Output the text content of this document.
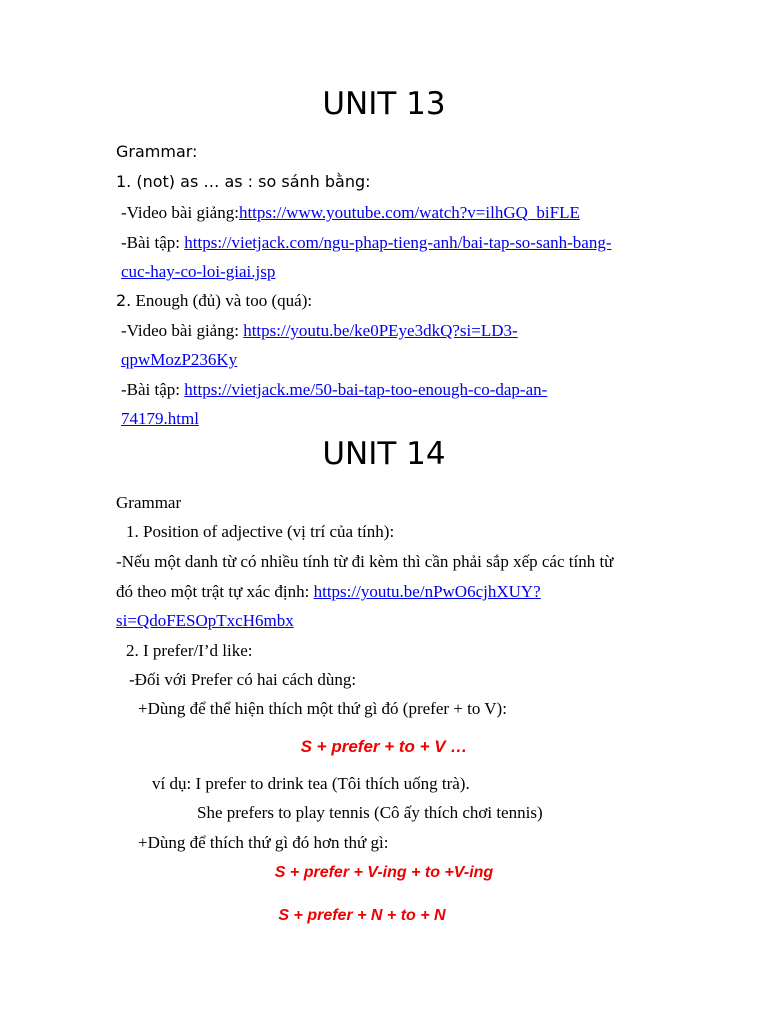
UNIT 13
Grammar:
1. (not) as … as : so sánh bằng:
-Video bài giảng:https://www.youtube.com/watch?v=ilhGQ_biFLE
-Bài tập: https://vietjack.com/ngu-phap-tieng-anh/bai-tap-so-sanh-bang-
cuc-hay-co-loi-giai.jsp
2. Enough (đủ) và too (quá):
-Video bài giảng: https://youtu.be/ke0PEye3dkQ?si=LD3-
qpwMozP236Ky
-Bài tập: https://vietjack.me/50-bai-tap-too-enough-co-dap-an-
74179.html
UNIT 14
Grammar
1. Position of adjective (vị trí của tính):
-Nếu một danh từ có nhiều tính từ đi kèm thì cần phải sắp xếp các tính từ
đó theo một trật tự xác định: https://youtu.be/nPwO6cjhXUY?
si=QdoFESOpTxcH6mbx
2. I prefer/I’d like:
-Đối với Prefer có hai cách dùng:
+Dùng để thể hiện thích một thứ gì đó (prefer + to V):
S + prefer + to + V …
ví dụ: I prefer to drink tea (Tôi thích uống trà).
She prefers to play tennis (Cô ấy thích chơi tennis)
+Dùng để thích thứ gì đó hơn thứ gì:
S + prefer + V-ing + to +V-ing
S + prefer + N + to + N
